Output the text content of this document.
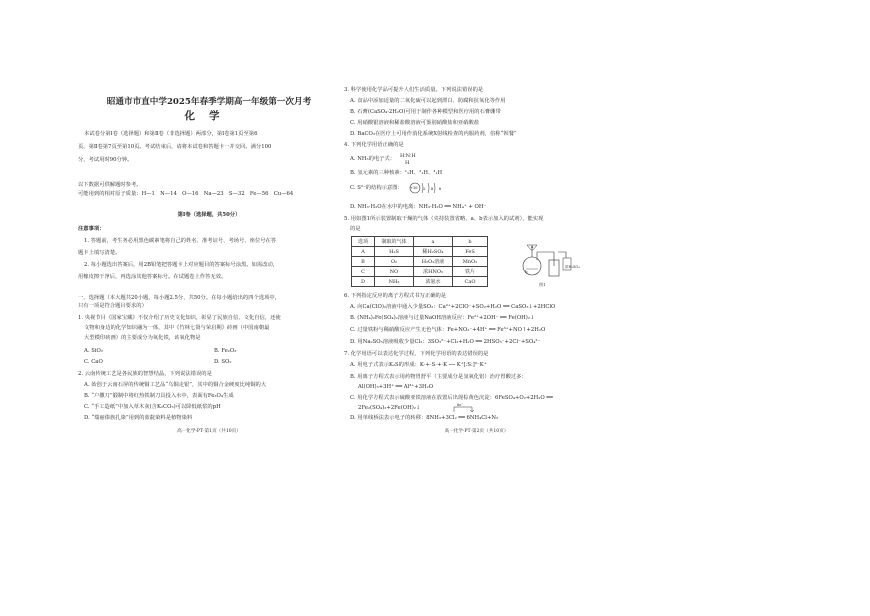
昭通市市直中学2025年春季学期高一年级第一次月考
化学
本试卷分第Ⅰ卷（选择题）和第Ⅱ卷（非选择题）两部分，第Ⅰ卷第1页至第6
页，第Ⅱ卷第7页至第10页。考试结束后，请将本试卷和答题卡一并交回。满分100
分，考试用时90分钟。
以下数据可供解题时参考。
可能用到的相对原子质量：H—1　N—14　O—16　Na—23　S—32　Fe—56　Cu—64
第Ⅰ卷（选择题，共50分）
注意事项：
1. 答题前，考生务必用黑色碳素笔将自己的姓名、准考证号、考场号、座位号在答
题卡上填写清楚。
2. 每小题选出答案后，用2B铅笔把答题卡上对应题目的答案标号涂黑。如需改动，
用橡皮擦干净后，再选涂其他答案标号。在试题卷上作答无效。
一、选择题（本大题共20小题，每小题2.5分，共50分。在每小题给出的四个选项中，
只有一项是符合题目要求的）
1. 央视节目《国家宝藏》不仅介绍了历史文化知识，彰显了民族自信、文化自信，还使
文物和身边的化学知识融为一体，其中《竹林七贤与荣启期》砖画（中国南朝最
大型模印砖画）的主要成分为氧化铁，该氧化物是
A. SiO₂	B. Fe₂O₃
C. CaO	D. SO₂
2. 云南传统工艺是各民族的智慧结晶，下列说法错误的是
A. 始创于云南石屏的传统铜工艺品“乌铜走银”，其中的铜合金硬度比纯铜的大
B. “户撒刀”锻制中将红热铁制刀具投入水中，表面有Fe₃O₄生成
C. “手工造纸”中加入草木灰(含K₂CO₃)可以降低纸浆的pH
D. “瑞丽傣族扎染”用到的蓝靛染料是植物染料
高一化学·PT·第1页（共10页）
3. 科学使用化学品可提升人们生活质量。下列说法错误的是
A. 食品中添加适量的二氧化硫可以起到漂白、防腐和抗氧化等作用
B. 石膏(CaSO₄·2H₂O)可用于制作各种模型和医疗用的石膏绷带
C. 用硝酸银溶液和稀盐酸溶液可鉴别硝酸盐和亚硝酸盐
D. BaCO₃在医疗上可用作消化系统X射线检查的内服药剂，俗称“钡餐”
4. 下列化学用语正确的是
A. NH₃的电子式： H∶N∶H
H
B. 氢元素的三种核素：¹₁H、²₁H、³₁H
C. S²⁻的结构示意图： +16 2 8 8
D. NH₃·H₂O在水中的电离：NH₃·H₂O ══ NH₄⁺ + OH⁻
5. 用如图1所示装置制取干燥的气体（夹持装置省略，a、b表示加入的试剂），能实现
的是
选项	制取的气体	a	b
A	H₂S	稀H₂SO₄	FeS
B	O₂	H₂O₂溶液	MnO₂
C	NO	浓HNO₃	铁片
D	NH₃	浓氨水	CaO
a
b
浓H₂SO₄
图1
6. 下列指定反应的离子方程式书写正确的是
A. 向Ca(ClO)₂溶液中通入少量SO₂：Ca²⁺+2ClO⁻+SO₂+H₂O ══ CaSO₃↓+2HClO
B. (NH₄)₂Fe(SO₄)₂溶液与过量NaOH溶液反应：Fe²⁺+2OH⁻ ══ Fe(OH)₂↓
C. 过量铁粉与稀硝酸反应产生无色气体：Fe+NO₃⁻+4H⁺ ══ Fe³⁺+NO↑+2H₂O
D. 用Na₂SO₃溶液吸收少量Cl₂：3SO₃²⁻+Cl₂+H₂O ══ 2HSO₃⁻+2Cl⁻+SO₄²⁻
7. 化学用语可以表达化学过程，下列化学用语的表达错误的是
A. 用电子式表示K₂S的形成：K·+·S·+·K ── K⁺[:S:]²⁻K⁺
B. 用离子方程式表示用药物胃舒平（主要成分是氢氧化铝）治疗胃酸过多：
Al(OH)₃+3H⁺ ══ Al³⁺+3H₂O
C. 用化学方程式表示硫酸亚铁溶液在放置后出现棕黄色沉淀：6FeSO₄+O₂+2H₂O ══
2Fe₂(SO₄)₃+2Fe(OH)₂↓	6e⁻
D. 用单线桥法表示电子的转移：8NH₃+3Cl₂ ══ 6NH₄Cl+N₂
高一化学·PT·第2页（共10页）
